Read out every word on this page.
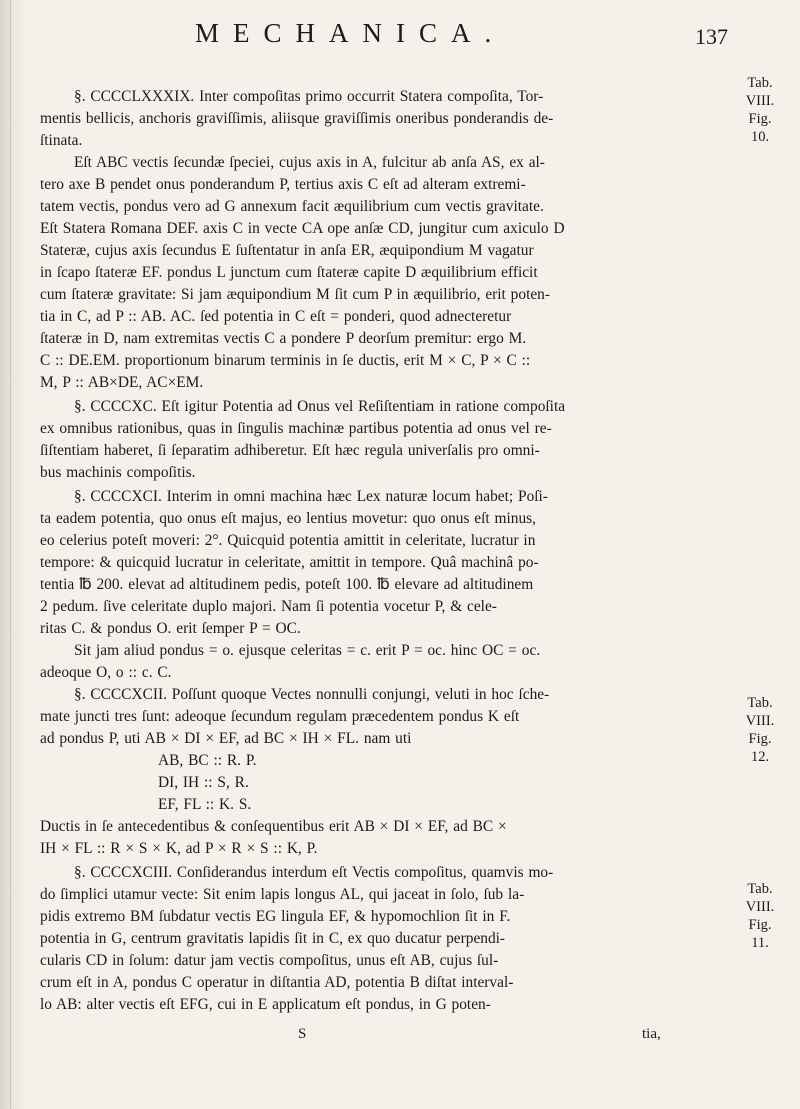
MECHANICA.	137
§. CCCCLXXXIX. Inter compoſitas primo occurrit Statera compoſita, Tor-
mentis bellicis, anchoris graviſſimis, aliisque graviſſimis oneribus ponderandis de-
ſtinata.
Eſt ABC vectis ſecundæ ſpeciei, cujus axis in A, fulcitur ab anſa AS, ex al-
tero axe B pendet onus ponderandum P, tertius axis C eſt ad alteram extremi-
tatem vectis, pondus vero ad G annexum facit æquilibrium cum vectis gravitate.
Eſt Statera Romana DEF. axis C in vecte CA ope anſæ CD, jungitur cum axiculo D
Stateræ, cujus axis ſecundus E ſuſtentatur in anſa ER, æquipondium M vagatur
in ſcapo ſtateræ EF. pondus L junctum cum ſtateræ capite D æquilibrium efficit
cum ſtateræ gravitate: Si jam æquipondium M ſit cum P in æquilibrio, erit poten-
tia in C, ad P :: AB. AC. ſed potentia in C eſt = ponderi, quod adnecteretur
ſtateræ in D, nam extremitas vectis C a pondere P deorſum premitur: ergo M.
C :: DE.EM. proportionum binarum terminis in ſe ductis, erit M × C, P × C ::
M, P :: AB×DE, AC×EM.
§. CCCCXC. Eſt igitur Potentia ad Onus vel Reſiſtentiam in ratione compoſita
ex omnibus rationibus, quas in ſingulis machinæ partibus potentia ad onus vel re-
ſiſtentiam haberet, ſi ſeparatim adhiberetur. Eſt hæc regula univerſalis pro omni-
bus machinis compoſitis.
§. CCCCXCI. Interim in omni machina hæc Lex naturæ locum habet; Poſi-
ta eadem potentia, quo onus eſt majus, eo lentius movetur: quo onus eſt minus,
eo celerius poteſt moveri: 2°. Quicquid potentia amittit in celeritate, lucratur in
tempore: & quicquid lucratur in celeritate, amittit in tempore. Quâ machinâ po-
tentia ℔ 200. elevat ad altitudinem pedis, poteſt 100. ℔ elevare ad altitudinem
2 pedum. ſive celeritate duplo majori. Nam ſi potentia vocetur P, & cele-
ritas C. & pondus O. erit ſemper P = OC.
Sit jam aliud pondus = o. ejusque celeritas = c. erit P = oc. hinc OC = oc.
adeoque O, o :: c. C.
§. CCCCXCII. Poſſunt quoque Vectes nonnulli conjungi, veluti in hoc ſche-
mate juncti tres ſunt: adeoque ſecundum regulam præcedentem pondus K eſt
ad pondus P, uti AB × DI × EF, ad BC × IH × FL. nam uti
AB, BC :: R. P.
DI, IH :: S, R.
EF, FL :: K. S.
Ductis in ſe antecedentibus & conſequentibus erit AB × DI × EF, ad BC ×
IH × FL :: R × S × K, ad P × R × S :: K, P.
§. CCCCXCIII. Conſiderandus interdum eſt Vectis compoſitus, quamvis mo-
do ſimplici utamur vecte: Sit enim lapis longus AL, qui jaceat in ſolo, ſub la-
pidis extremo BM ſubdatur vectis EG lingula EF, & hypomochlion ſit in F.
potentia in G, centrum gravitatis lapidis ſit in C, ex quo ducatur perpendi-
cularis CD in ſolum: datur jam vectis compoſitus, unus eſt AB, cujus ſul-
crum eſt in A, pondus C operatur in diſtantia AD, potentia B diſtat interval-
lo AB: alter vectis eſt EFG, cui in E applicatum eſt pondus, in G poten-
Tab.
VIII.
Fig.
10.
Tab.
VIII.
Fig.
12.
Tab.
VIII.
Fig.
11.
S	tia,
